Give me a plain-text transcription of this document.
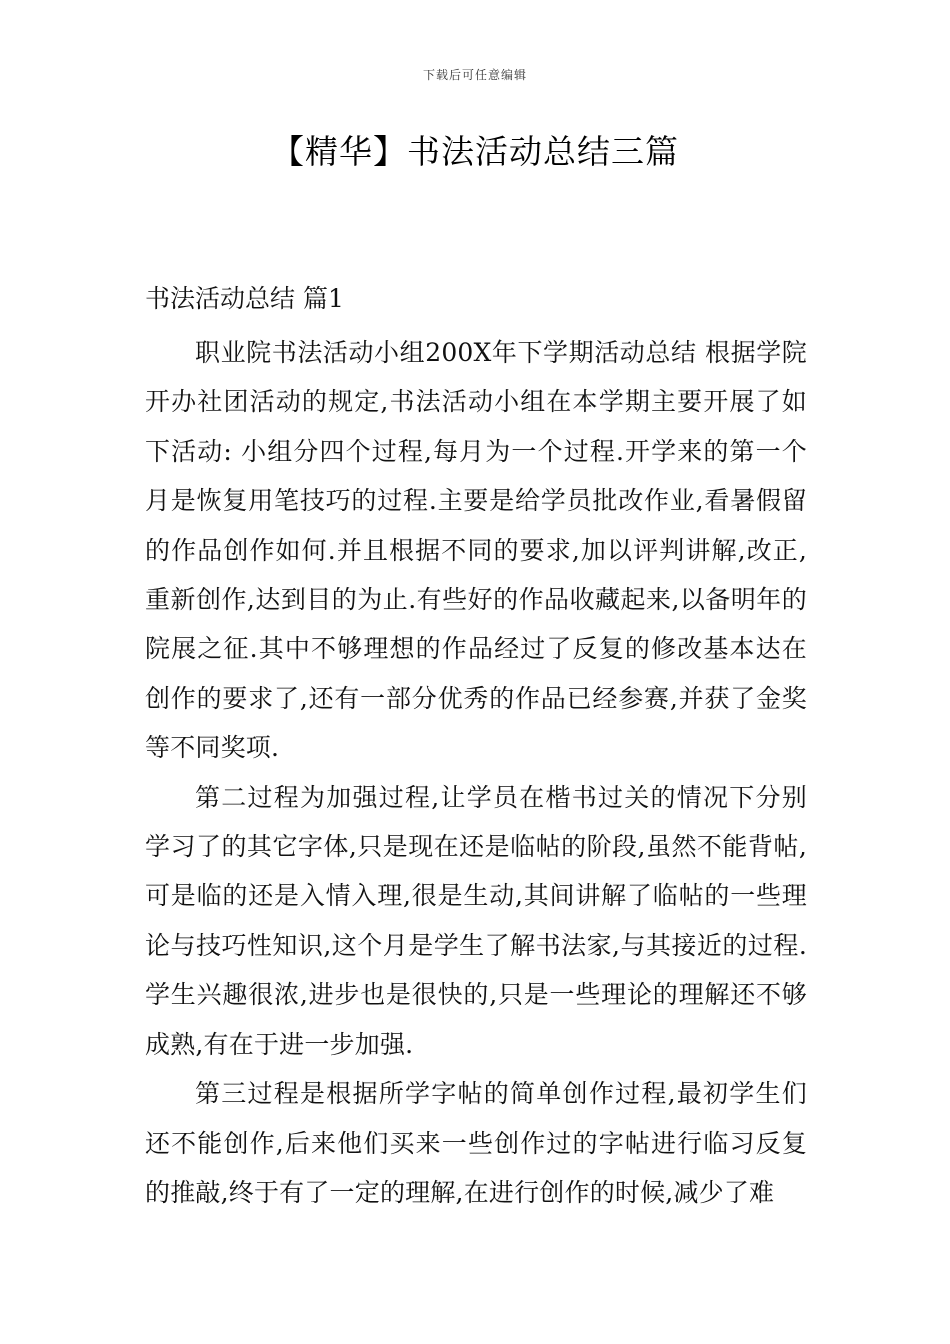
下载后可任意编辑
【精华】书法活动总结三篇
书法活动总结 篇1

职业院书法活动小组200X年下学期活动总结 根据学院开办社团活动的规定,书法活动小组在本学期主要开展了如下活动: 小组分四个过程,每月为一个过程.开学来的第一个月是恢复用笔技巧的过程.主要是给学员批改作业,看暑假留的作品创作如何.并且根据不同的要求,加以评判讲解,改正,重新创作,达到目的为止.有些好的作品收藏起来,以备明年的院展之征.其中不够理想的作品经过了反复的修改基本达在创作的要求了,还有一部分优秀的作品已经参赛,并获了金奖等不同奖项.

第二过程为加强过程,让学员在楷书过关的情况下分别学习了的其它字体,只是现在还是临帖的阶段,虽然不能背帖,可是临的还是入情入理,很是生动,其间讲解了临帖的一些理论与技巧性知识,这个月是学生了解书法家,与其接近的过程.学生兴趣很浓,进步也是很快的,只是一些理论的理解还不够成熟,有在于进一步加强.

第三过程是根据所学字帖的简单创作过程,最初学生们还不能创作,后来他们买来一些创作过的字帖进行临习反复的推敲,终于有了一定的理解,在进行创作的时候,减少了难
